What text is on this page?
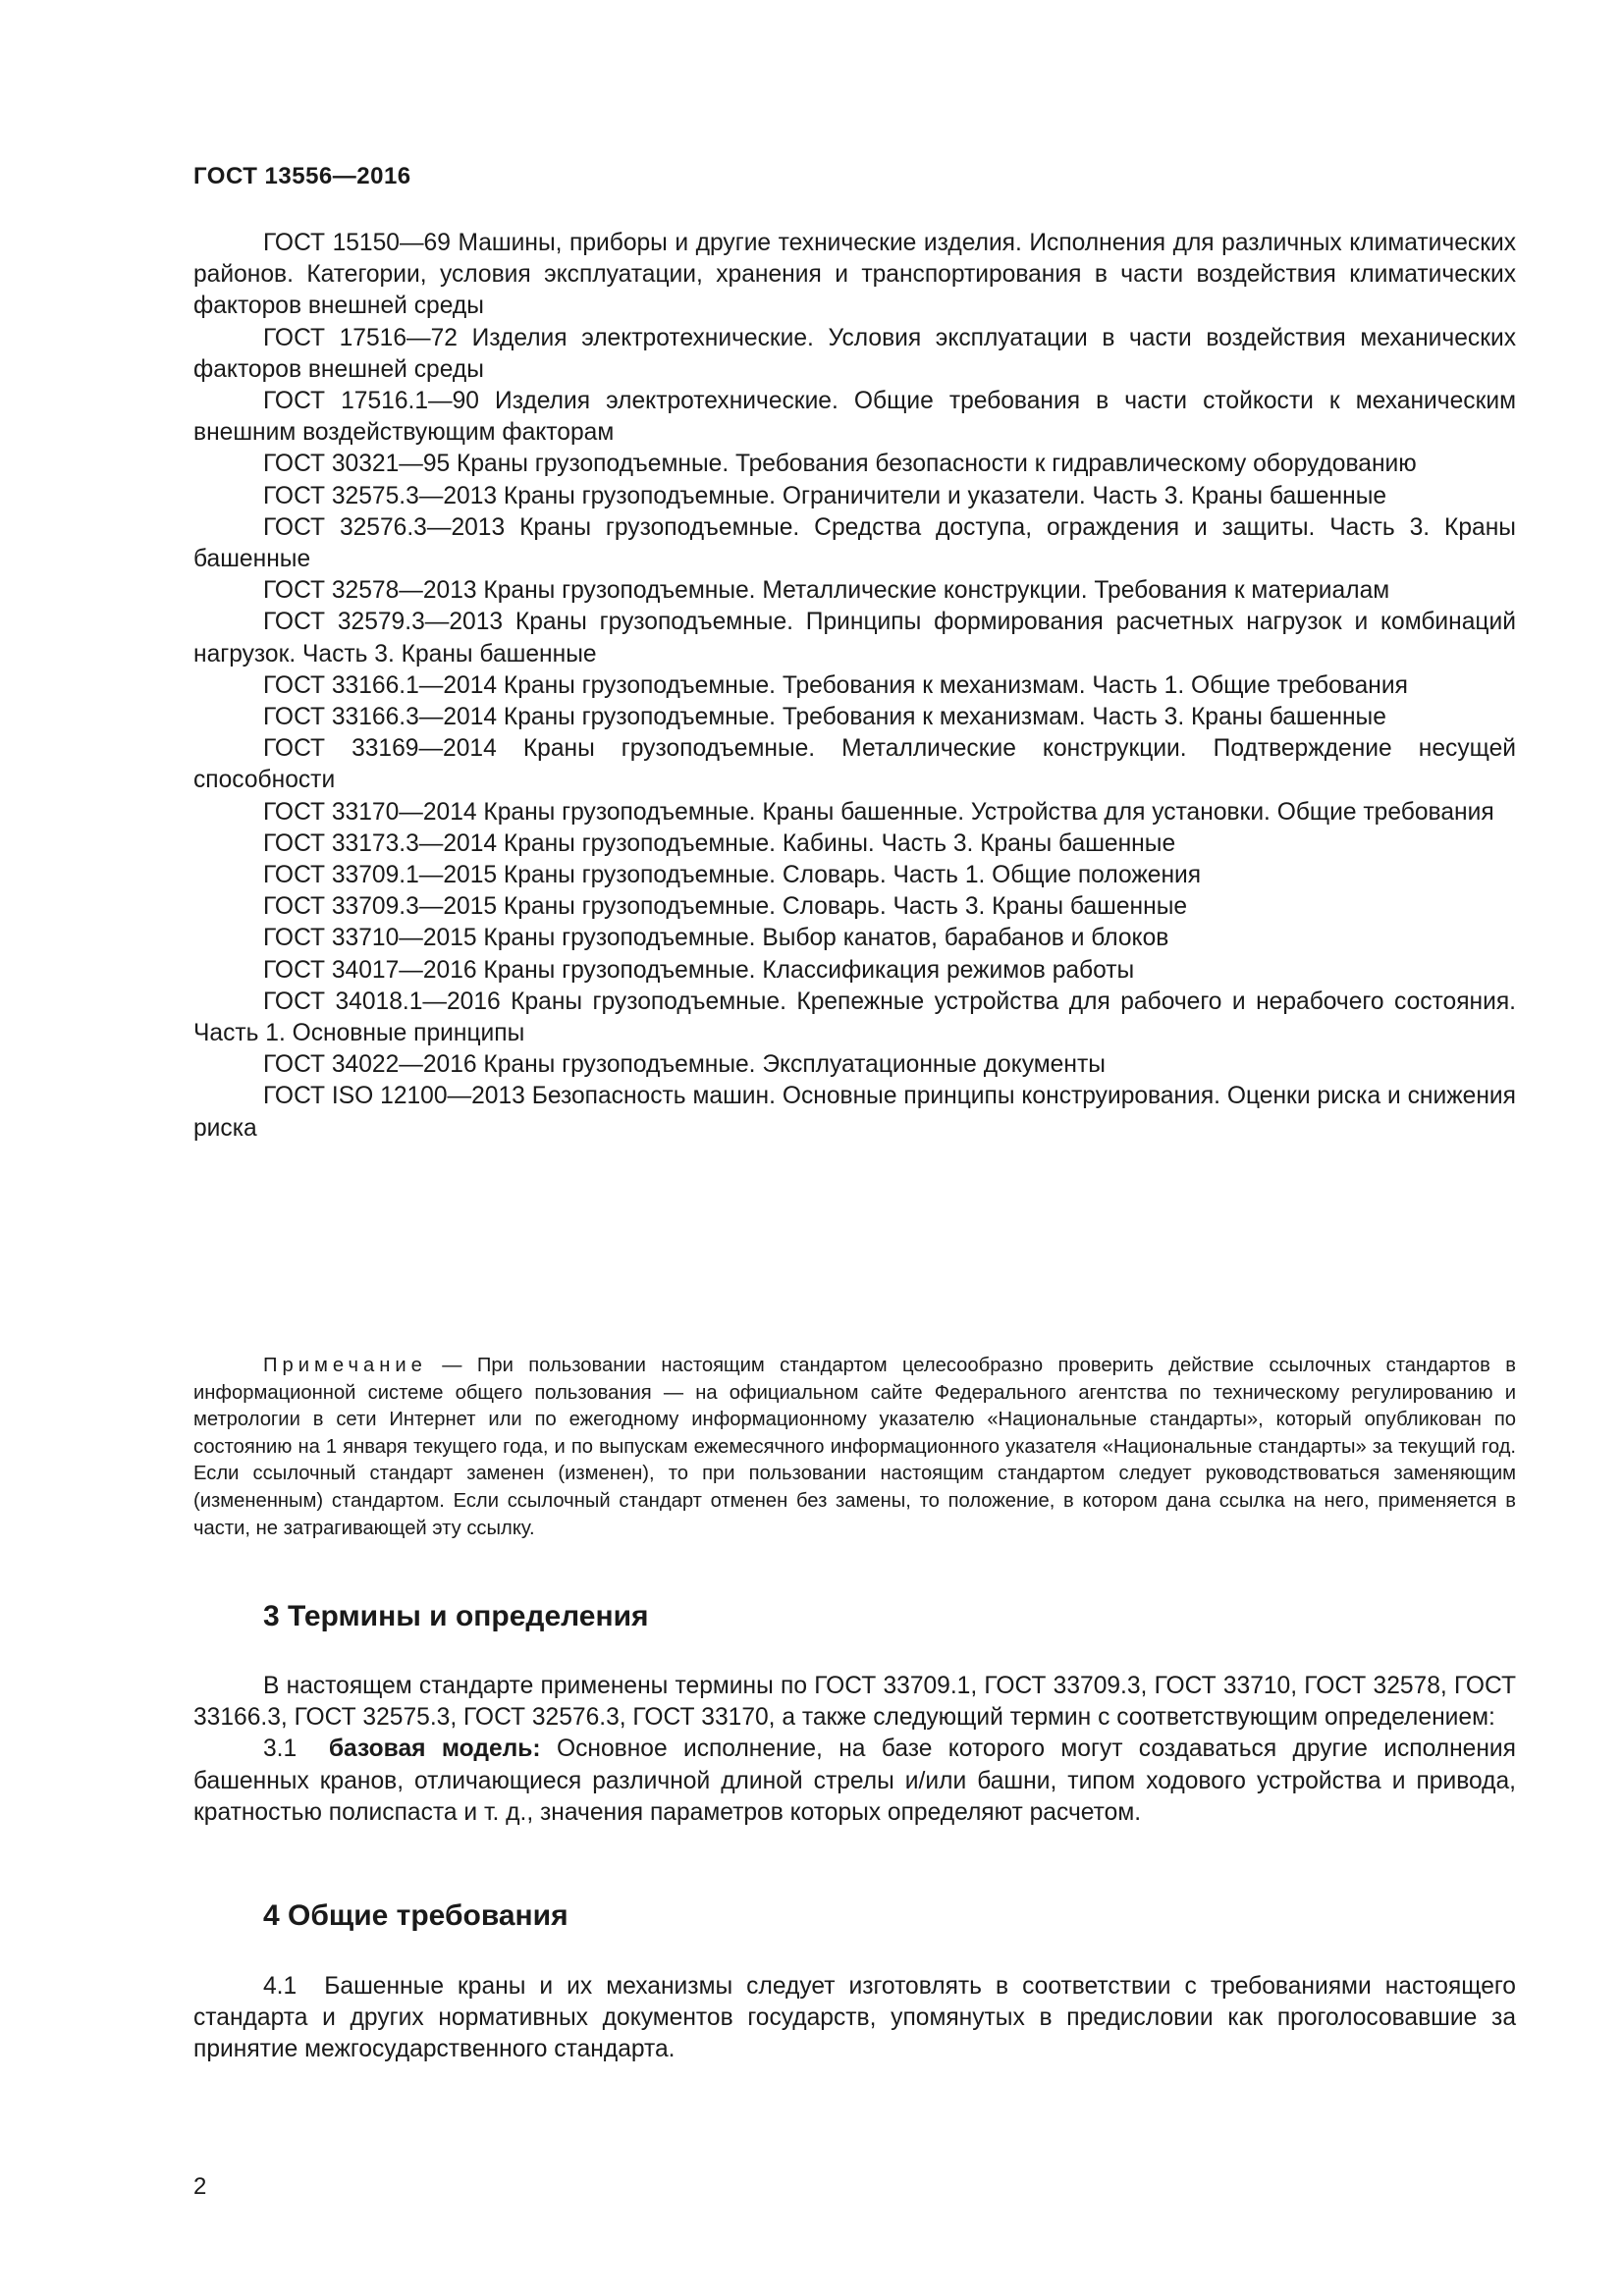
ГОСТ 13556—2016

ГОСТ 15150—69 Машины, приборы и другие технические изделия. Исполнения для различных климатических районов. Категории, условия эксплуатации, хранения и транспортирования в части воздействия климатических факторов внешней среды

ГОСТ 17516—72 Изделия электротехнические. Условия эксплуатации в части воздействия механических факторов внешней среды

ГОСТ 17516.1—90 Изделия электротехнические. Общие требования в части стойкости к механическим внешним воздействующим факторам

ГОСТ 30321—95 Краны грузоподъемные. Требования безопасности к гидравлическому оборудованию

ГОСТ 32575.3—2013 Краны грузоподъемные. Ограничители и указатели. Часть 3. Краны башенные

ГОСТ 32576.3—2013 Краны грузоподъемные. Средства доступа, ограждения и защиты. Часть 3. Краны башенные

ГОСТ 32578—2013 Краны грузоподъемные. Металлические конструкции. Требования к материалам

ГОСТ 32579.3—2013 Краны грузоподъемные. Принципы формирования расчетных нагрузок и комбинаций нагрузок. Часть 3. Краны башенные

ГОСТ 33166.1—2014 Краны грузоподъемные. Требования к механизмам. Часть 1. Общие требования

ГОСТ 33166.3—2014 Краны грузоподъемные. Требования к механизмам. Часть 3. Краны башенные

ГОСТ 33169—2014 Краны грузоподъемные. Металлические конструкции. Подтверждение несущей способности

ГОСТ 33170—2014 Краны грузоподъемные. Краны башенные. Устройства для установки. Общие требования

ГОСТ 33173.3—2014 Краны грузоподъемные. Кабины. Часть 3. Краны башенные

ГОСТ 33709.1—2015 Краны грузоподъемные. Словарь. Часть 1. Общие положения

ГОСТ 33709.3—2015 Краны грузоподъемные. Словарь. Часть 3. Краны башенные

ГОСТ 33710—2015 Краны грузоподъемные. Выбор канатов, барабанов и блоков

ГОСТ 34017—2016 Краны грузоподъемные. Классификация режимов работы

ГОСТ 34018.1—2016 Краны грузоподъемные. Крепежные устройства для рабочего и нерабочего состояния. Часть 1. Основные принципы

ГОСТ 34022—2016 Краны грузоподъемные. Эксплуатационные документы

ГОСТ ISO 12100—2013 Безопасность машин. Основные принципы конструирования. Оценки риска и снижения риска

Примечание — При пользовании настоящим стандартом целесообразно проверить действие ссылочных стандартов в информационной системе общего пользования — на официальном сайте Федерального агентства по техническому регулированию и метрологии в сети Интернет или по ежегодному информационному указателю «Национальные стандарты», который опубликован по состоянию на 1 января текущего года, и по выпускам ежемесячного информационного указателя «Национальные стандарты» за текущий год. Если ссылочный стандарт заменен (изменен), то при пользовании настоящим стандартом следует руководствоваться заменяющим (измененным) стандартом. Если ссылочный стандарт отменен без замены, то положение, в котором дана ссылка на него, применяется в части, не затрагивающей эту ссылку.
3 Термины и определения

В настоящем стандарте применены термины по ГОСТ 33709.1, ГОСТ 33709.3, ГОСТ 33710, ГОСТ 32578, ГОСТ 33166.3, ГОСТ 32575.3, ГОСТ 32576.3, ГОСТ 33170, а также следующий термин с соответствующим определением:

3.1 базовая модель: Основное исполнение, на базе которого могут создаваться другие исполнения башенных кранов, отличающиеся различной длиной стрелы и/или башни, типом ходового устройства и привода, кратностью полиспаста и т. д., значения параметров которых определяют расчетом.

4 Общие требования

4.1 Башенные краны и их механизмы следует изготовлять в соответствии с требованиями настоящего стандарта и других нормативных документов государств, упомянутых в предисловии как проголосовавшие за принятие межгосударственного стандарта.

2
